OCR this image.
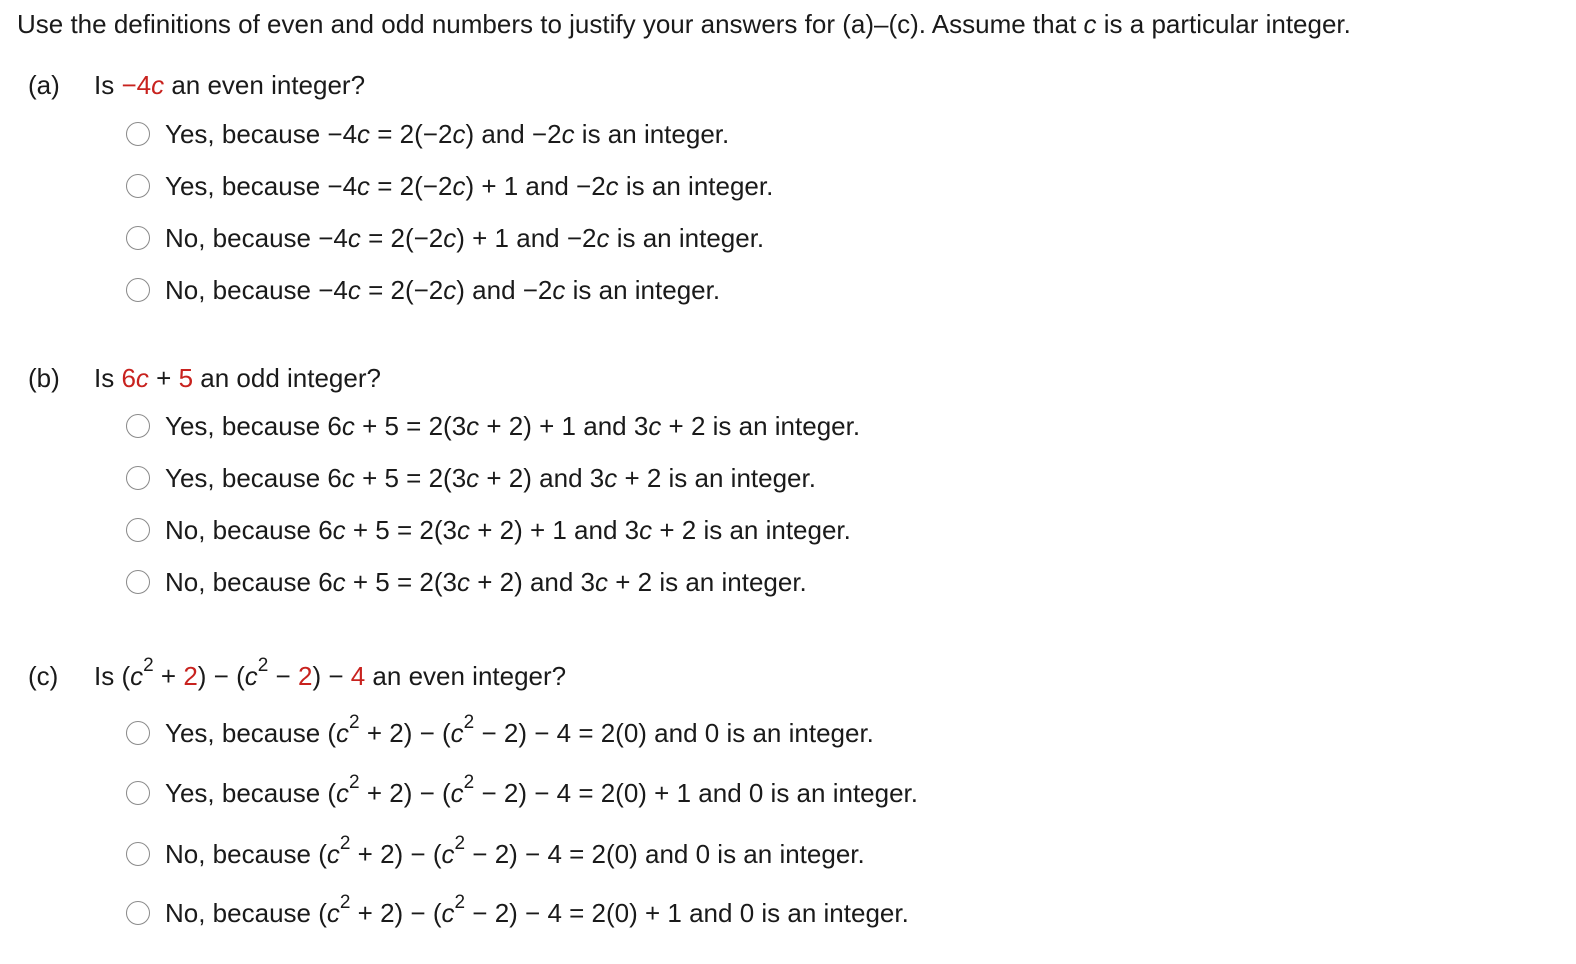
Use the definitions of even and odd numbers to justify your answers for (a)–(c). Assume that c is a particular integer.
(a) Is −4c an even integer?
Yes, because −4c = 2(−2c) and −2c is an integer.
Yes, because −4c = 2(−2c) + 1 and −2c is an integer.
No, because −4c = 2(−2c) + 1 and −2c is an integer.
No, because −4c = 2(−2c) and −2c is an integer.
(b) Is 6c + 5 an odd integer?
Yes, because 6c + 5 = 2(3c + 2) + 1 and 3c + 2 is an integer.
Yes, because 6c + 5 = 2(3c + 2) and 3c + 2 is an integer.
No, because 6c + 5 = 2(3c + 2) + 1 and 3c + 2 is an integer.
No, because 6c + 5 = 2(3c + 2) and 3c + 2 is an integer.
(c) Is $(c^2 + 2) - (c^2 - 2) - 4$ an even integer?
Yes, because $(c^2 + 2) - (c^2 - 2) - 4 = 2(0)$ and 0 is an integer.
Yes, because $(c^2 + 2) - (c^2 - 2) - 4 = 2(0) + 1$ and 0 is an integer.
No, because $(c^2 + 2) - (c^2 - 2) - 4 = 2(0)$ and 0 is an integer.
No, because $(c^2 + 2) - (c^2 - 2) - 4 = 2(0) + 1$ and 0 is an integer.
